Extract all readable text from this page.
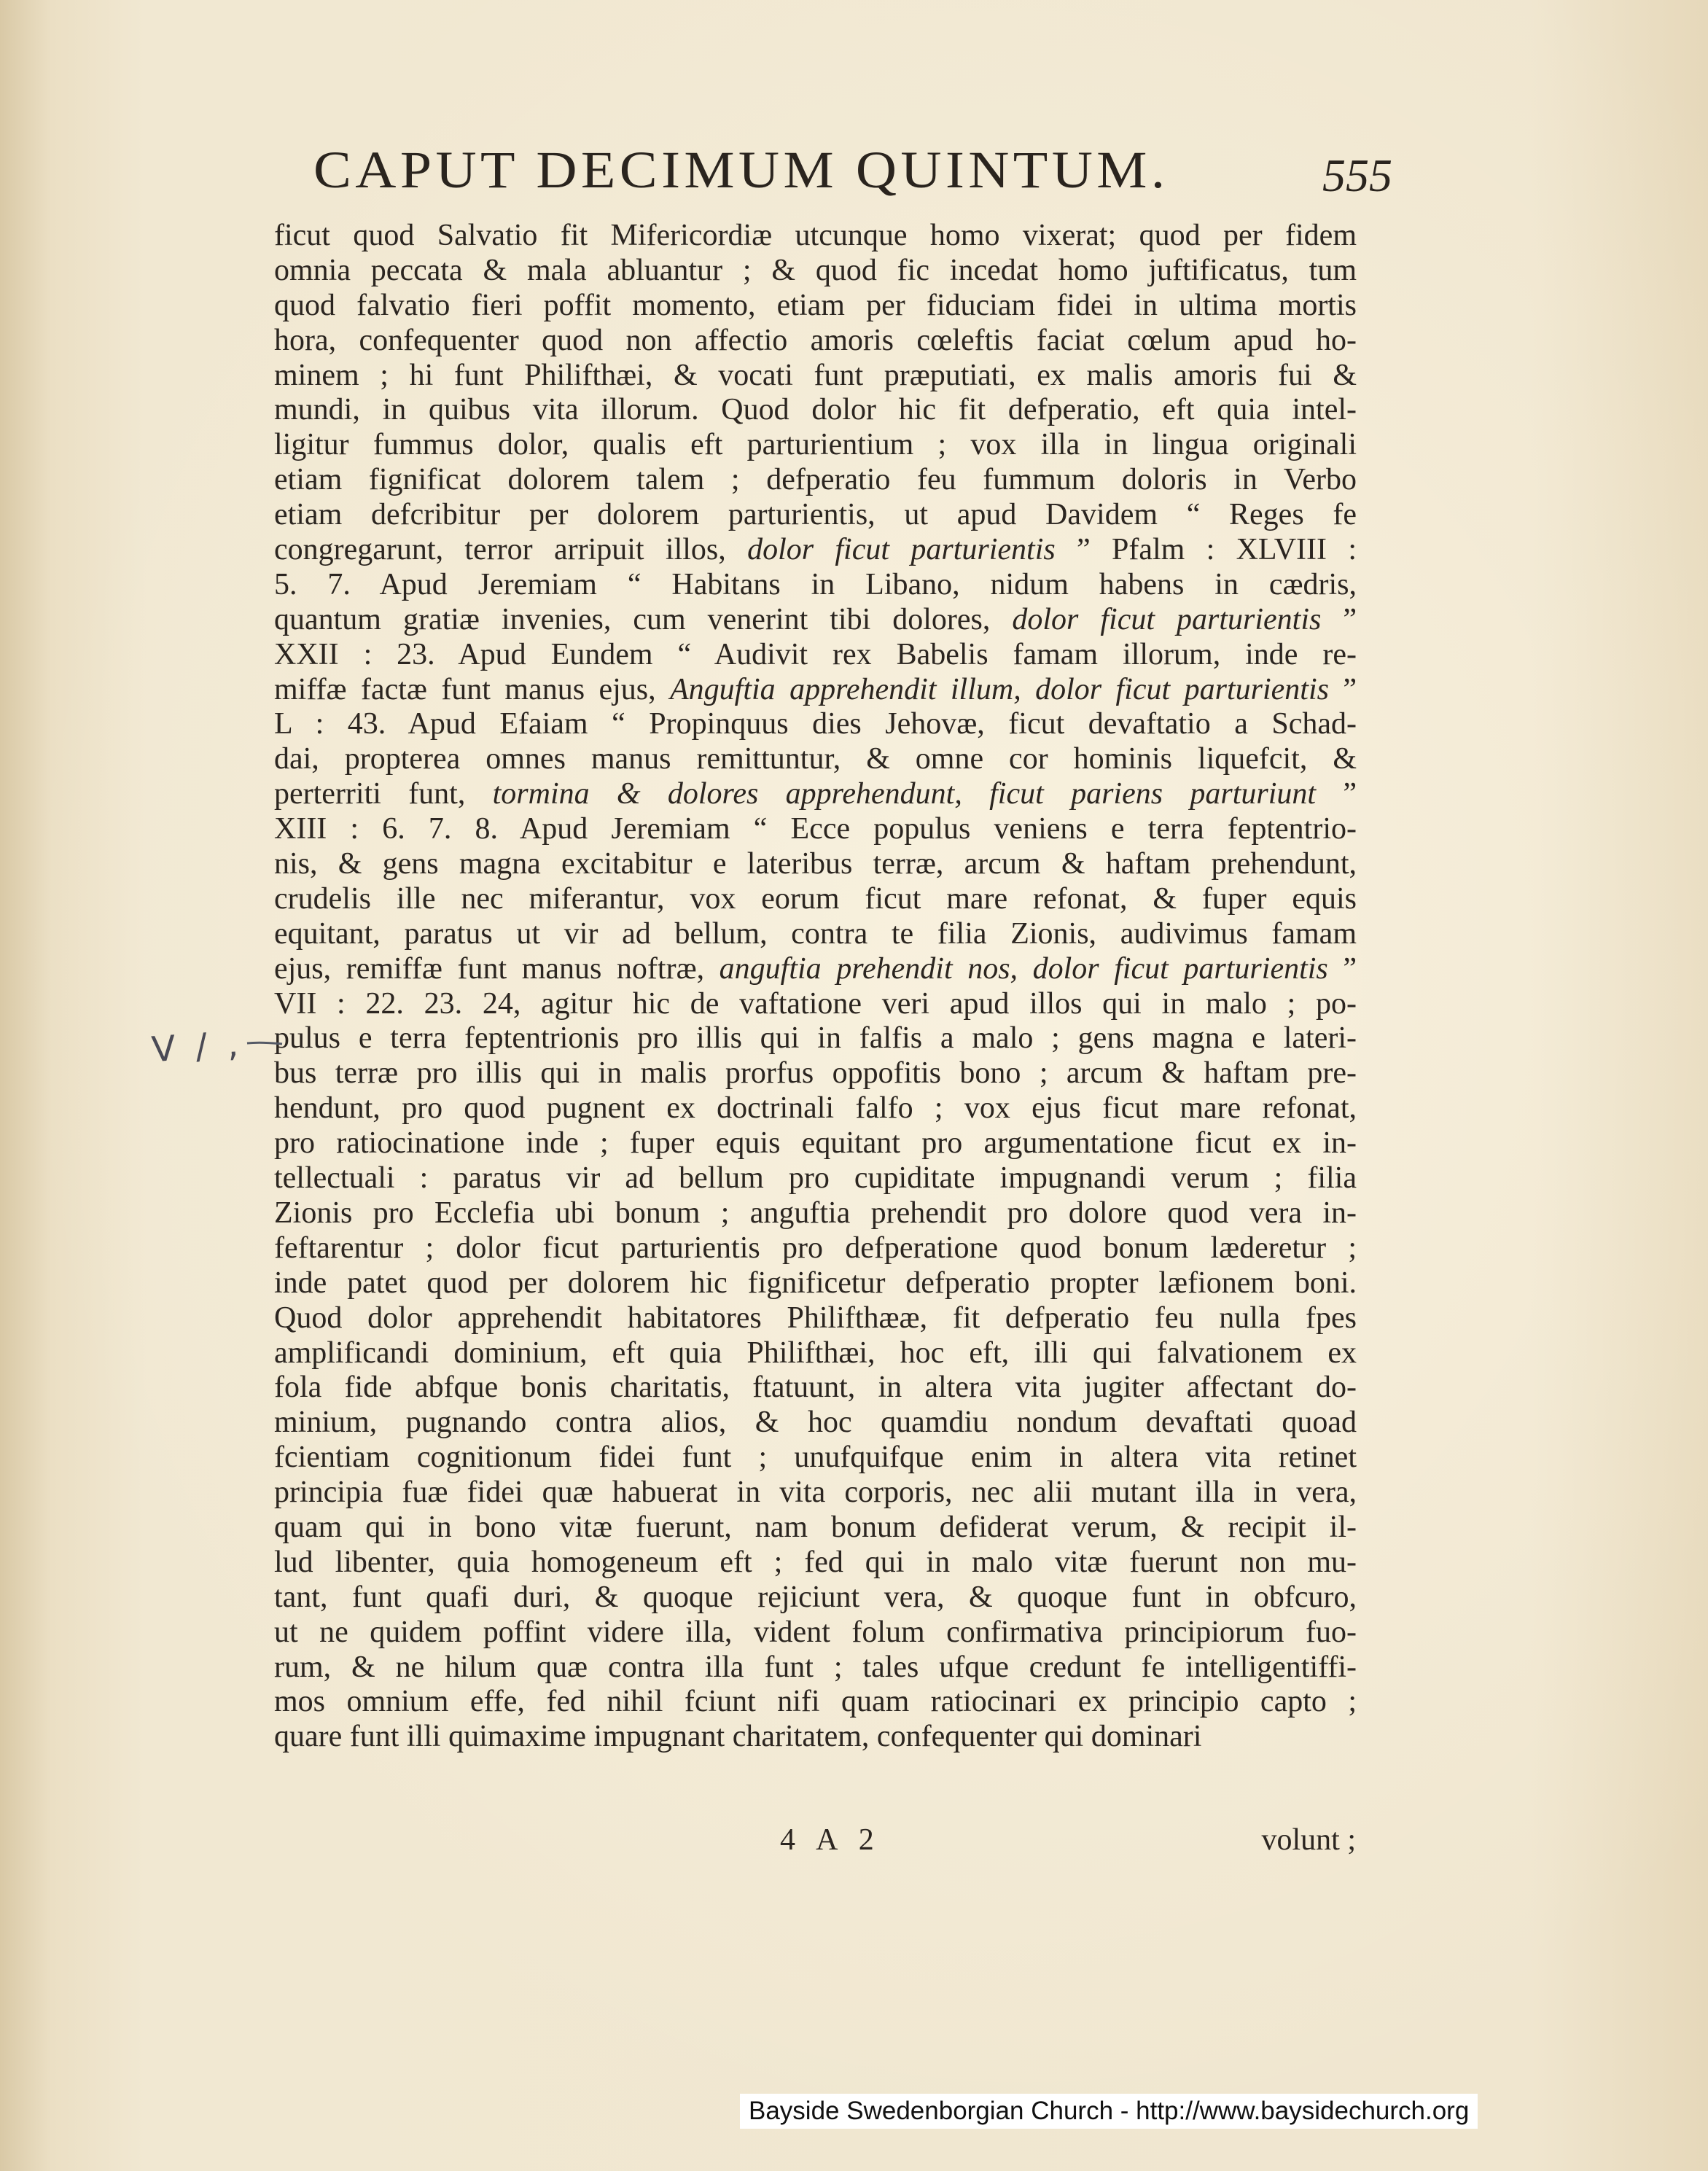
CAPUT DECIMUM QUINTUM.	555
ficut quod Salvatio fit Mifericordiæ utcunque homo vixerat; quod per fidem
omnia peccata & mala abluantur ; & quod fic incedat homo juftificatus, tum
quod falvatio fieri poffit momento, etiam per fiduciam fidei in ultima mortis
hora, confequenter quod non affectio amoris cœleftis faciat cœlum apud ho-
minem ; hi funt Philifthæi, & vocati funt præputiati, ex malis amoris fui &
mundi, in quibus vita illorum. Quod dolor hic fit defperatio, eft quia intel-
ligitur fummus dolor, qualis eft parturientium ; vox illa in lingua originali
etiam fignificat dolorem talem ; defperatio feu fummum doloris in Verbo
etiam defcribitur per dolorem parturientis, ut apud Davidem “ Reges fe
congregarunt, terror arripuit illos, dolor ficut parturientis ” Pfalm : XLVIII :
5. 7. Apud Jeremiam “ Habitans in Libano, nidum habens in cædris,
quantum gratiæ invenies, cum venerint tibi dolores, dolor ficut parturientis ”
XXII : 23. Apud Eundem “ Audivit rex Babelis famam illorum, inde re-
miffæ factæ funt manus ejus, Anguftia apprehendit illum, dolor ficut parturientis ”
L : 43. Apud Efaiam “ Propinquus dies Jehovæ, ficut devaftatio a Schad-
dai, propterea omnes manus remittuntur, & omne cor hominis liquefcit, &
perterriti funt, tormina & dolores apprehendunt, ficut pariens parturiunt ”
XIII : 6. 7. 8. Apud Jeremiam “ Ecce populus veniens e terra feptentrio-
nis, & gens magna excitabitur e lateribus terræ, arcum & haftam prehendunt,
crudelis ille nec miferantur, vox eorum ficut mare refonat, & fuper equis
equitant, paratus ut vir ad bellum, contra te filia Zionis, audivimus famam
ejus, remiffæ funt manus noftræ, anguftia prehendit nos, dolor ficut parturientis ”
VII : 22. 23. 24, agitur hic de vaftatione veri apud illos qui in malo ; po-
pulus e terra feptentrionis pro illis qui in falfis a malo ; gens magna e lateri-
bus terræ pro illis qui in malis prorfus oppofitis bono ; arcum & haftam pre-
hendunt, pro quod pugnent ex doctrinali falfo ; vox ejus ficut mare refonat,
pro ratiocinatione inde ; fuper equis equitant pro argumentatione ficut ex in-
tellectuali : paratus vir ad bellum pro cupiditate impugnandi verum ; filia
Zionis pro Ecclefia ubi bonum ; anguftia prehendit pro dolore quod vera in-
feftarentur ; dolor ficut parturientis pro defperatione quod bonum læderetur ;
inde patet quod per dolorem hic fignificetur defperatio propter læfionem boni.
Quod dolor apprehendit habitatores Philifthææ, fit defperatio feu nulla fpes
amplificandi dominium, eft quia Philifthæi, hoc eft, illi qui falvationem ex
fola fide abfque bonis charitatis, ftatuunt, in altera vita jugiter affectant do-
minium, pugnando contra alios, & hoc quamdiu nondum devaftati quoad
fcientiam cognitionum fidei funt ; unufquifque enim in altera vita retinet
principia fuæ fidei quæ habuerat in vita corporis, nec alii mutant illa in vera,
quam qui in bono vitæ fuerunt, nam bonum defiderat verum, & recipit il-
lud libenter, quia homogeneum eft ; fed qui in malo vitæ fuerunt non mu-
tant, funt quafi duri, & quoque rejiciunt vera, & quoque funt in obfcuro,
ut ne quidem poffint videre illa, vident folum confirmativa principiorum fuo-
rum, & ne hilum quæ contra illa funt ; tales ufque credunt fe intelligentiffi-
mos omnium effe, fed nihil fciunt nifi quam ratiocinari ex principio capto ;
quare funt illi quimaxime impugnant charitatem, confequenter qui dominari
V / ,
4 A 2	volunt ;
Bayside Swedenborgian Church - http://www.baysidechurch.org
